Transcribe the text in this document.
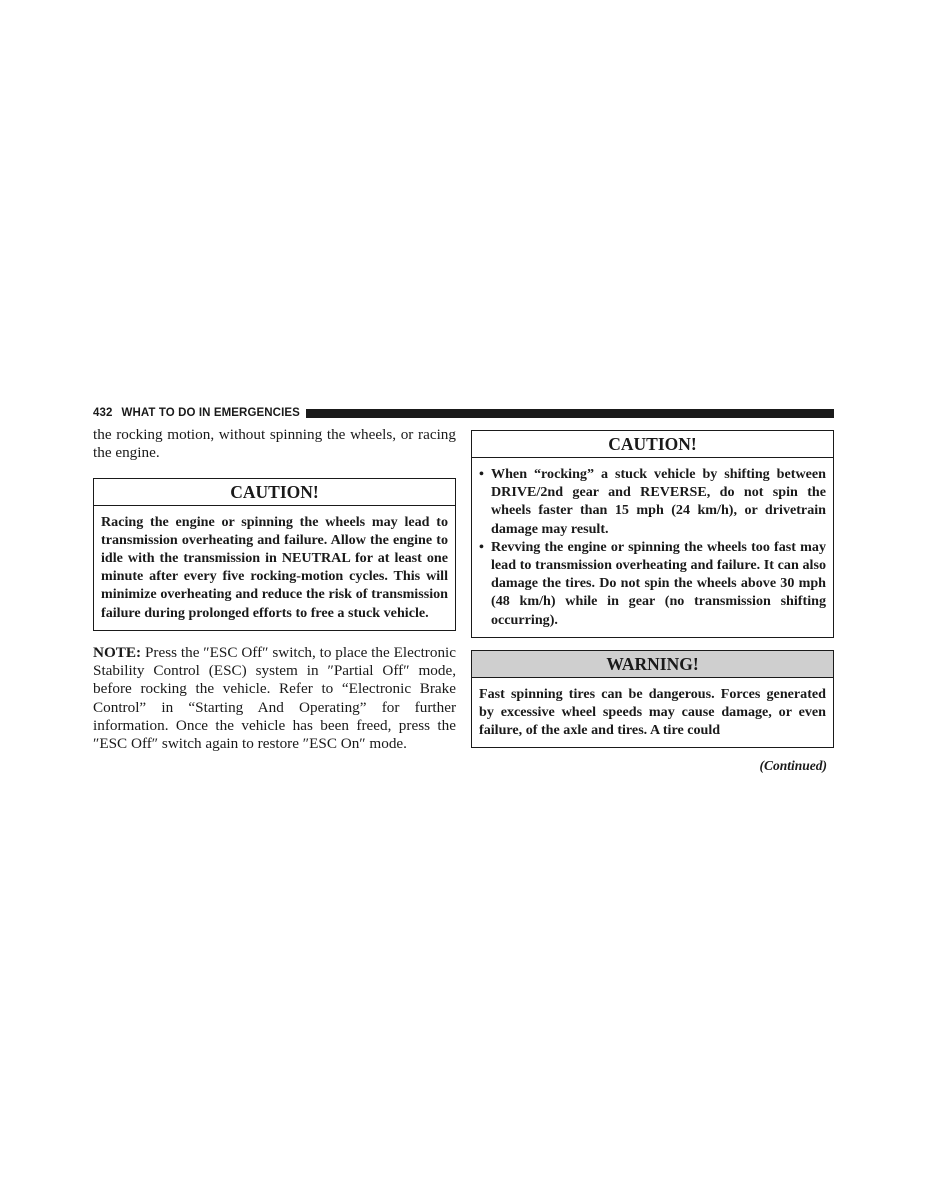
432 WHAT TO DO IN EMERGENCIES

the rocking motion, without spinning the wheels, or racing the engine.

CAUTION!
Racing the engine or spinning the wheels may lead to transmission overheating and failure. Allow the engine to idle with the transmission in NEUTRAL for at least one minute after every five rocking-motion cycles. This will minimize overheating and reduce the risk of transmission failure during prolonged efforts to free a stuck vehicle.

NOTE: Press the ″ESC Off″ switch, to place the Electronic Stability Control (ESC) system in ″Partial Off″ mode, before rocking the vehicle. Refer to “Electronic Brake Control” in “Starting And Operating” for further information. Once the vehicle has been freed, press the ″ESC Off″ switch again to restore ″ESC On″ mode.

CAUTION!
• When “rocking” a stuck vehicle by shifting between DRIVE/2nd gear and REVERSE, do not spin the wheels faster than 15 mph (24 km/h), or drivetrain damage may result.
• Revving the engine or spinning the wheels too fast may lead to transmission overheating and failure. It can also damage the tires. Do not spin the wheels above 30 mph (48 km/h) while in gear (no transmission shifting occurring).
WARNING!
Fast spinning tires can be dangerous. Forces generated by excessive wheel speeds may cause damage, or even failure, of the axle and tires. A tire could
(Continued)
